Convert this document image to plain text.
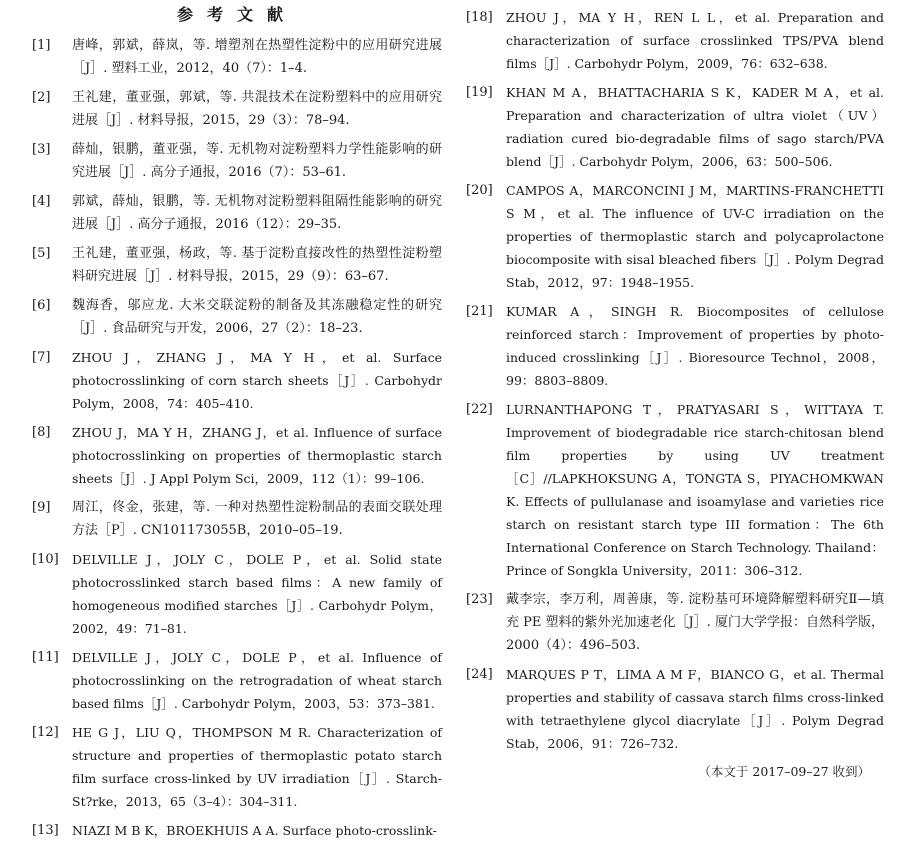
参考文献
[1]	唐峰，郭斌，薛岚，等. 增塑剂在热塑性淀粉中的应用研究进展［J］. 塑料工业，2012，40（7）：1–4.
[2]	王礼建，董亚强，郭斌，等. 共混技术在淀粉塑料中的应用研究进展［J］. 材料导报，2015，29（3）：78–94.
[3]	薛灿，银鹏，董亚强，等. 无机物对淀粉塑料力学性能影响的研究进展［J］. 高分子通报，2016（7）：53–61.
[4]	郭斌，薛灿，银鹏，等. 无机物对淀粉塑料阻隔性能影响的研究进展［J］. 高分子通报，2016（12）：29–35.
[5]	王礼建，董亚强，杨政，等. 基于淀粉直接改性的热塑性淀粉塑料研究进展［J］. 材料导报，2015，29（9）：63–67.
[6]	魏海香，邬应龙. 大米交联淀粉的制备及其冻融稳定性的研究［J］. 食品研究与开发，2006，27（2）：18–23.
[7]	ZHOU J，ZHANG J，MA Y H，et al. Surface photocrosslinking of corn starch sheets［J］. Carbohydr Polym，2008，74：405–410.
[8]	ZHOU J，MA Y H，ZHANG J，et al. Influence of surface photocrosslinking on properties of thermoplastic starch sheets［J］. J Appl Polym Sci，2009，112（1）：99–106.
[9]	周江，佟金，张建，等. 一种对热塑性淀粉制品的表面交联处理方法［P］. CN101173055B，2010–05–19.
[10]	DELVILLE J，JOLY C，DOLE P，et al. Solid state photocrosslinked starch based films：A new family of homogeneous modified starches［J］. Carbohydr Polym，2002，49：71–81.
[11]	DELVILLE J，JOLY C，DOLE P，et al. Influence of photocrosslinking on the retrogradation of wheat starch based films［J］. Carbohydr Polym，2003，53：373–381.
[12]	HE G J，LIU Q，THOMPSON M R. Characterization of structure and properties of thermoplastic potato starch film surface cross-linked by UV irradiation［J］. Starch-St?rke，2013，65（3–4）：304–311.
[13]	NIAZI M B K，BROEKHUIS A A. Surface photo-crosslink-
[18]	ZHOU J，MA Y H，REN L L，et al. Preparation and characterization of surface crosslinked TPS/PVA blend films［J］. Carbohydr Polym，2009，76：632–638.
[19]	KHAN M A，BHATTACHARIA S K，KADER M A，et al. Preparation and characterization of ultra violet（UV）radiation cured bio-degradable films of sago starch/PVA blend［J］. Carbohydr Polym，2006，63：500–506.
[20]	CAMPOS A，MARCONCINI J M，MARTINS-FRANCHETTI S M，et al. The influence of UV-C irradiation on the properties of thermoplastic starch and polycaprolactone biocomposite with sisal bleached fibers［J］. Polym Degrad Stab，2012，97：1948–1955.
[21]	KUMAR A，SINGH R. Biocomposites of cellulose reinforced starch：Improvement of properties by photo-induced crosslinking［J］. Bioresource Technol，2008，99：8803–8809.
[22]	LURNANTHAPONG T，PRATYASARI S，WITTAYA T. Improvement of biodegradable rice starch-chitosan blend film properties by using UV treatment［C］//LAPKHOKSUNG A，TONGTA S，PIYACHOMKWAN K. Effects of pullulanase and isoamylase and varieties rice starch on resistant starch type III formation：The 6th International Conference on Starch Technology. Thailand：Prince of Songkla University，2011：306–312.
[23]	戴李宗，李万利，周善康，等. 淀粉基可环境降解塑料研究Ⅱ—填充 PE 塑料的紫外光加速老化［J］. 厦门大学学报：自然科学版，2000（4）：496–503.
[24]	MARQUES P T，LIMA A M F，BIANCO G，et al. Thermal properties and stability of cassava starch films cross-linked with tetraethylene glycol diacrylate［J］. Polym Degrad Stab，2006，91：726–732.
（本文于 2017–09–27 收到）
